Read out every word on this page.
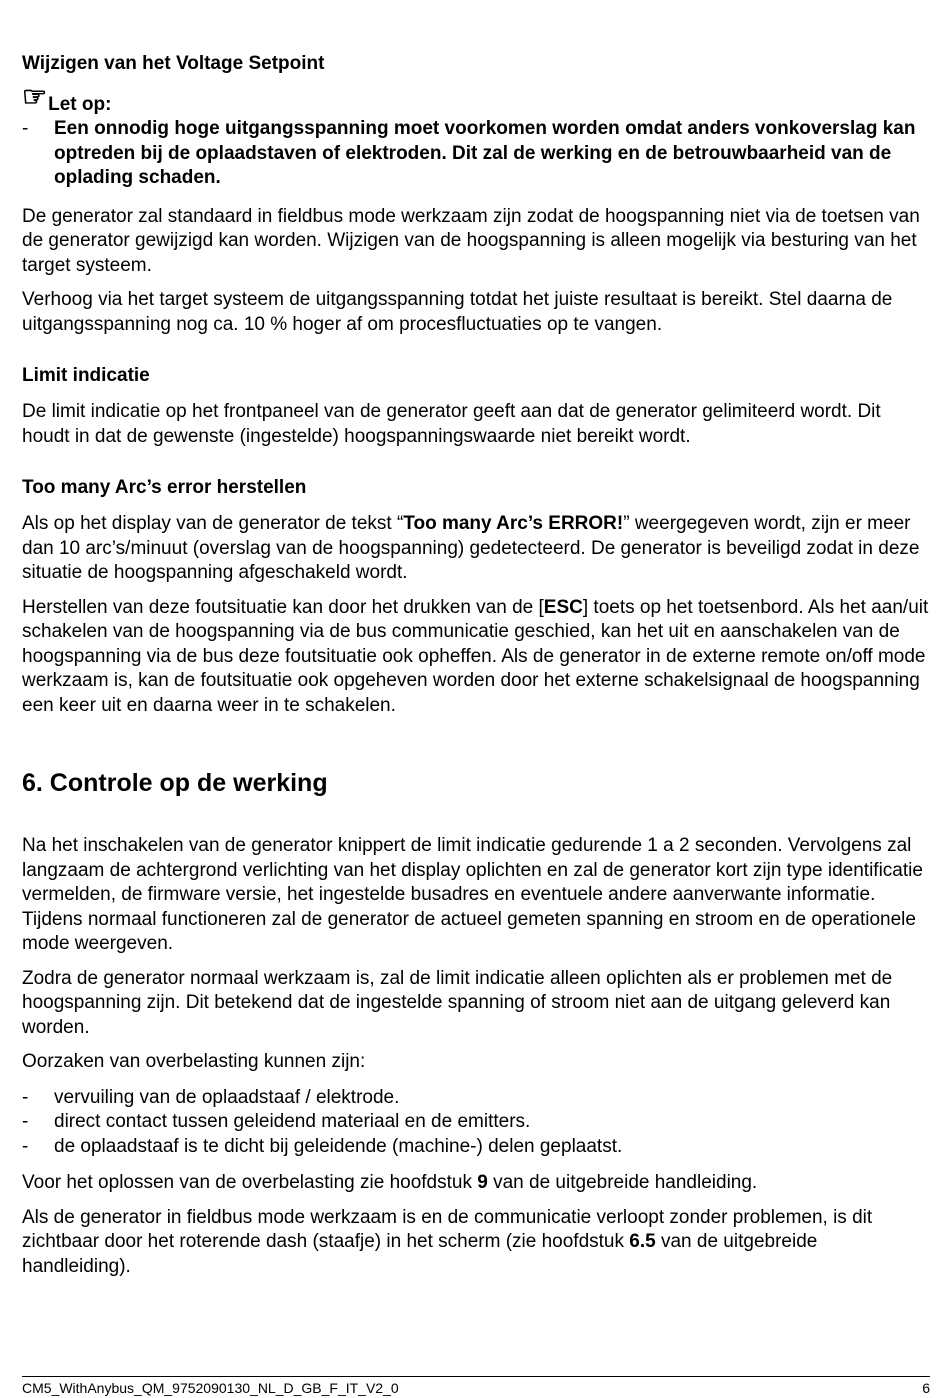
Wijzigen van het Voltage Setpoint

☞ Let op:
-	Een onnodig hoge uitgangsspanning moet voorkomen worden omdat anders vonkoverslag kan optreden bij de oplaadstaven of elektroden. Dit zal de werking en de betrouwbaarheid van de oplading schaden.

De generator zal standaard in fieldbus mode werkzaam zijn zodat de hoogspanning niet via de toetsen van de generator gewijzigd kan worden. Wijzigen van de hoogspanning is alleen mogelijk via besturing van het target systeem.

Verhoog via het target systeem de uitgangsspanning totdat het juiste resultaat is bereikt. Stel daarna de uitgangsspanning nog ca. 10 % hoger af om procesfluctuaties op te vangen.

Limit indicatie

De limit indicatie op het frontpaneel van de generator geeft aan dat de generator gelimiteerd wordt. Dit houdt in dat de gewenste (ingestelde) hoogspanningswaarde niet bereikt wordt.

Too many Arc’s error herstellen

Als op het display van de generator de tekst “Too many Arc’s ERROR!” weergegeven wordt, zijn er meer dan 10 arc’s/minuut (overslag van de hoogspanning) gedetecteerd. De generator is beveiligd zodat in deze situatie de hoogspanning afgeschakeld wordt.

Herstellen van deze foutsituatie kan door het drukken van de [ESC] toets op het toetsenbord. Als het aan/uit schakelen van de hoogspanning via de bus communicatie geschied, kan het uit en aanschakelen van de hoogspanning via de bus deze foutsituatie ook opheffen. Als de generator in de externe remote on/off mode werkzaam is, kan de foutsituatie ook opgeheven worden door het externe schakelsignaal de hoogspanning een keer uit en daarna weer in te schakelen.

6. Controle op de werking

Na het inschakelen van de generator knippert de limit indicatie gedurende 1 a 2 seconden. Vervolgens zal langzaam de achtergrond verlichting van het display oplichten en zal de generator kort zijn type identificatie vermelden, de firmware versie, het ingestelde busadres en eventuele andere aanverwante informatie. Tijdens normaal functioneren zal de generator de actueel gemeten spanning en stroom en de operationele mode weergeven.

Zodra de generator normaal werkzaam is, zal de limit indicatie alleen oplichten als er problemen met de hoogspanning zijn. Dit betekend dat de ingestelde spanning of stroom niet aan de uitgang geleverd kan worden.

Oorzaken van overbelasting kunnen zijn:

-	vervuiling van de oplaadstaaf / elektrode.
-	direct contact tussen geleidend materiaal en de emitters.
-	de oplaadstaaf is te dicht bij geleidende (machine-) delen geplaatst.

Voor het oplossen van de overbelasting zie hoofdstuk 9 van de uitgebreide handleiding.

Als de generator in fieldbus mode werkzaam is en de communicatie verloopt zonder problemen, is dit zichtbaar door het roterende dash (staafje) in het scherm (zie hoofdstuk 6.5 van de uitgebreide handleiding).

CM5_WithAnybus_QM_9752090130_NL_D_GB_F_IT_V2_0	6
